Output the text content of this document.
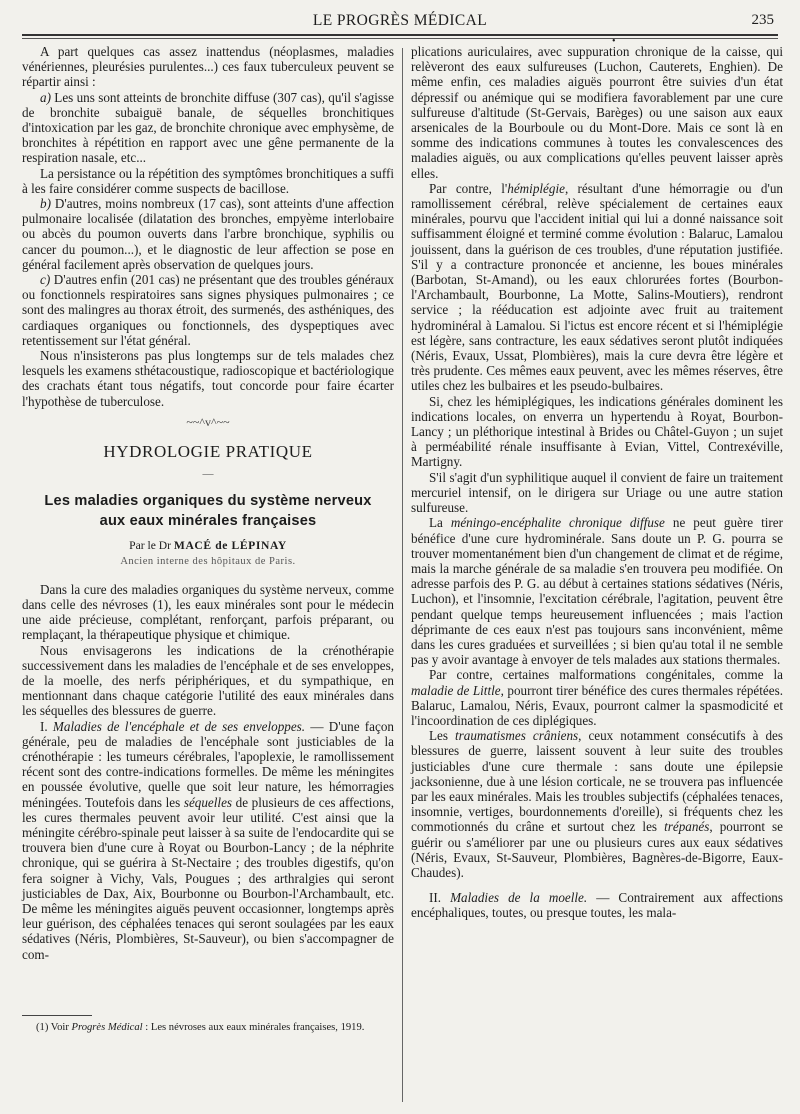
LE PROGRÈS MÉDICAL	235
•

A part quelques cas assez inattendus (néoplasmes, maladies vénériennes, pleurésies purulentes...) ces faux tuberculeux peuvent se répartir ainsi :

a) Les uns sont atteints de bronchite diffuse (307 cas), qu'il s'agisse de bronchite subaiguë banale, de séquelles bronchitiques d'intoxication par les gaz, de bronchite chronique avec emphysème, de bronchites à répétition en rapport avec une gêne permanente de la respiration nasale, etc...

La persistance ou la répétition des symptômes bronchitiques a suffi à les faire considérer comme suspects de bacillose.

b) D'autres, moins nombreux (17 cas), sont atteints d'une affection pulmonaire localisée (dilatation des bronches, empyème interlobaire ou abcès du poumon ouverts dans l'arbre bronchique, syphilis ou cancer du poumon...), et le diagnostic de leur affection se pose en général facilement après observation de quelques jours.

c) D'autres enfin (201 cas) ne présentant que des troubles généraux ou fonctionnels respiratoires sans signes physiques pulmonaires ; ce sont des malingres au thorax étroit, des surmenés, des asthéniques, des cardiaques organiques ou fonctionnels, des dyspeptiques avec retentissement sur l'état général.

Nous n'insisterons pas plus longtemps sur de tels malades chez lesquels les examens sthétacoustique, radioscopique et bactériologique des crachats étant tous négatifs, tout concorde pour faire écarter l'hypothèse de tuberculose.

~~^v^~~
HYDROLOGIE PRATIQUE
—
Les maladies organiques du système nerveux
aux eaux minérales françaises
Par le Dr MACÉ de LÉPINAY
Ancien interne des hôpitaux de Paris.

Dans la cure des maladies organiques du système nerveux, comme dans celle des névroses (1), les eaux minérales sont pour le médecin une aide précieuse, complétant, renforçant, parfois préparant, ou remplaçant, la thérapeutique physique et chimique.

Nous envisagerons les indications de la crénothérapie successivement dans les maladies de l'encéphale et de ses enveloppes, de la moelle, des nerfs périphériques, et du sympathique, en mentionnant dans chaque catégorie l'utilité des eaux minérales dans les séquelles des blessures de guerre.

I. Maladies de l'encéphale et de ses enveloppes. — D'une façon générale, peu de maladies de l'encéphale sont justiciables de la crénothérapie : les tumeurs cérébrales, l'apoplexie, le ramollissement récent sont des contre-indications formelles. De même les méningites en poussée évolutive, quelle que soit leur nature, les hémorragies méningées. Toutefois dans les séquelles de plusieurs de ces affections, les cures thermales peuvent avoir leur utilité. C'est ainsi que la méningite cérébro-spinale peut laisser à sa suite de l'endocardite qui se trouvera bien d'une cure à Royat ou Bourbon-Lancy ; de la néphrite chronique, qui se guérira à St-Nectaire ; des troubles digestifs, qu'on fera soigner à Vichy, Vals, Pougues ; des arthralgies qui seront justiciables de Dax, Aix, Bourbonne ou Bourbon-l'Archambault, etc. De même les méningites aiguës peuvent occasionner, longtemps après leur guérison, des céphalées tenaces qui seront soulagées par les eaux sédatives (Néris, Plombières, St-Sauveur), ou bien s'accompagner de com-

(1) Voir Progrès Médical : Les névroses aux eaux minérales françaises, 1919.

plications auriculaires, avec suppuration chronique de la caisse, qui relèveront des eaux sulfureuses (Luchon, Cauterets, Enghien). De même enfin, ces maladies aiguës pourront être suivies d'un état dépressif ou anémique qui se modifiera favorablement par une cure sulfureuse d'altitude (St-Gervais, Barèges) ou une saison aux eaux arsenicales de la Bourboule ou du Mont-Dore. Mais ce sont là en somme des indications communes à toutes les convalescences des maladies aiguës, ou aux complications qu'elles peuvent laisser après elles.

Par contre, l'hémiplégie, résultant d'une hémorragie ou d'un ramollissement cérébral, relève spécialement de certaines eaux minérales, pourvu que l'accident initial qui lui a donné naissance soit suffisamment éloigné et terminé comme évolution : Balaruc, Lamalou jouissent, dans la guérison de ces troubles, d'une réputation justifiée. S'il y a contracture prononcée et ancienne, les boues minérales (Barbotan, St-Amand), ou les eaux chlorurées fortes (Bourbon-l'Archambault, Bourbonne, La Motte, Salins-Moutiers), rendront service ; la rééducation est adjointe avec fruit au traitement hydrominéral à Lamalou. Si l'ictus est encore récent et si l'hémiplégie est légère, sans contracture, les eaux sédatives seront plutôt indiquées (Néris, Evaux, Ussat, Plombières), mais la cure devra être légère et très prudente. Ces mêmes eaux peuvent, avec les mêmes réserves, être utiles chez les bulbaires et les pseudo-bulbaires.

Si, chez les hémiplégiques, les indications générales dominent les indications locales, on enverra un hypertendu à Royat, Bourbon-Lancy ; un pléthorique intestinal à Brides ou Châtel-Guyon ; un sujet à perméabilité rénale insuffisante à Evian, Vittel, Contrexéville, Martigny.

S'il s'agit d'un syphilitique auquel il convient de faire un traitement mercuriel intensif, on le dirigera sur Uriage ou une autre station sulfureuse.

La méningo-encéphalite chronique diffuse ne peut guère tirer bénéfice d'une cure hydrominérale. Sans doute un P. G. pourra se trouver momentanément bien d'un changement de climat et de régime, mais la marche générale de sa maladie s'en trouvera peu modifiée. On adresse parfois des P. G. au début à certaines stations sédatives (Néris, Luchon), et l'insomnie, l'excitation cérébrale, l'agitation, peuvent être pendant quelque temps heureusement influencées ; mais l'action déprimante de ces eaux n'est pas toujours sans inconvénient, même dans les cures graduées et surveillées ; si bien qu'au total il ne semble pas y avoir avantage à envoyer de tels malades aux stations thermales.

Par contre, certaines malformations congénitales, comme la maladie de Little, pourront tirer bénéfice des cures thermales répétées. Balaruc, Lamalou, Néris, Evaux, pourront calmer la spasmodicité et l'incoordination de ces diplégiques.

Les traumatismes crâniens, ceux notamment consécutifs à des blessures de guerre, laissent souvent à leur suite des troubles justiciables d'une cure thermale : sans doute une épilepsie jacksonienne, due à une lésion corticale, ne se trouvera pas influencée par les eaux minérales. Mais les troubles subjectifs (céphalées tenaces, insomnie, vertiges, bourdonnements d'oreille), si fréquents chez les commotionnés du crâne et surtout chez les trépanés, pourront se guérir ou s'améliorer par une ou plusieurs cures aux eaux sédatives (Néris, Evaux, St-Sauveur, Plombières, Bagnères-de-Bigorre, Eaux-Chaudes).

II. Maladies de la moelle. — Contrairement aux affections encéphaliques, toutes, ou presque toutes, les mala-
